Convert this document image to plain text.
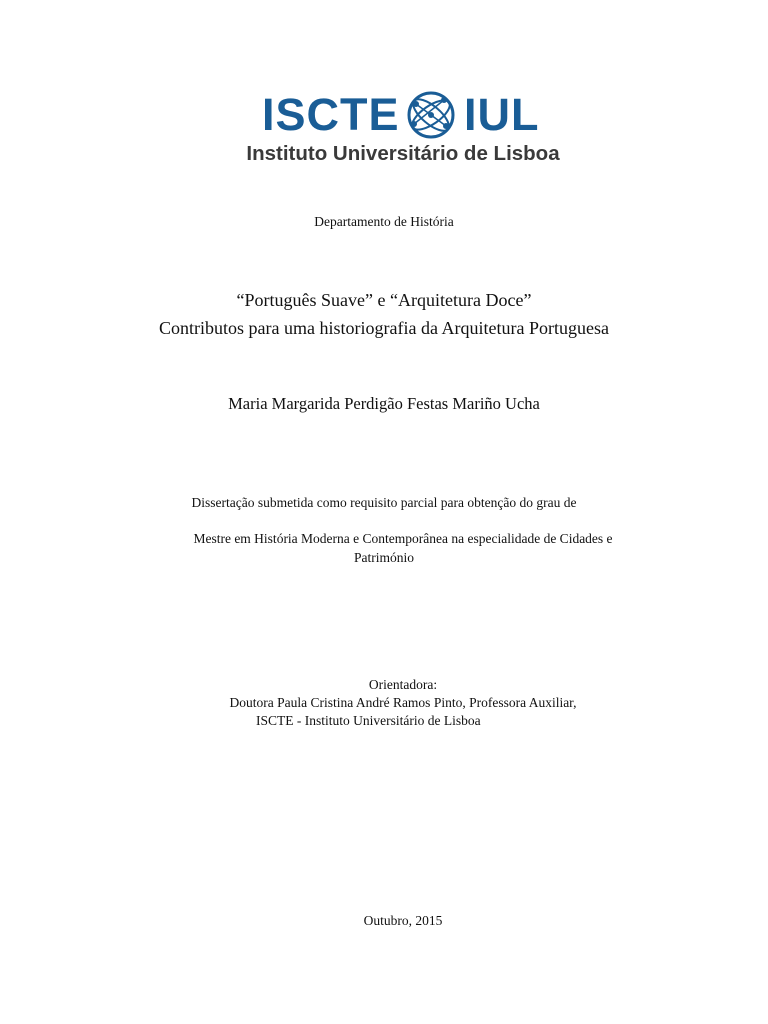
ISCTE IUL
Instituto Universitário de Lisboa
Departamento de História
“Português Suave” e “Arquitetura Doce”
Contributos para uma historiografia da Arquitetura Portuguesa
Maria Margarida Perdigão Festas Mariño Ucha
Dissertação submetida como requisito parcial para obtenção do grau de
Mestre em História Moderna e Contemporânea na especialidade de Cidades e
Património
Orientadora:
Doutora Paula Cristina André Ramos Pinto, Professora Auxiliar,
ISCTE - Instituto Universitário de Lisboa
Outubro, 2015
